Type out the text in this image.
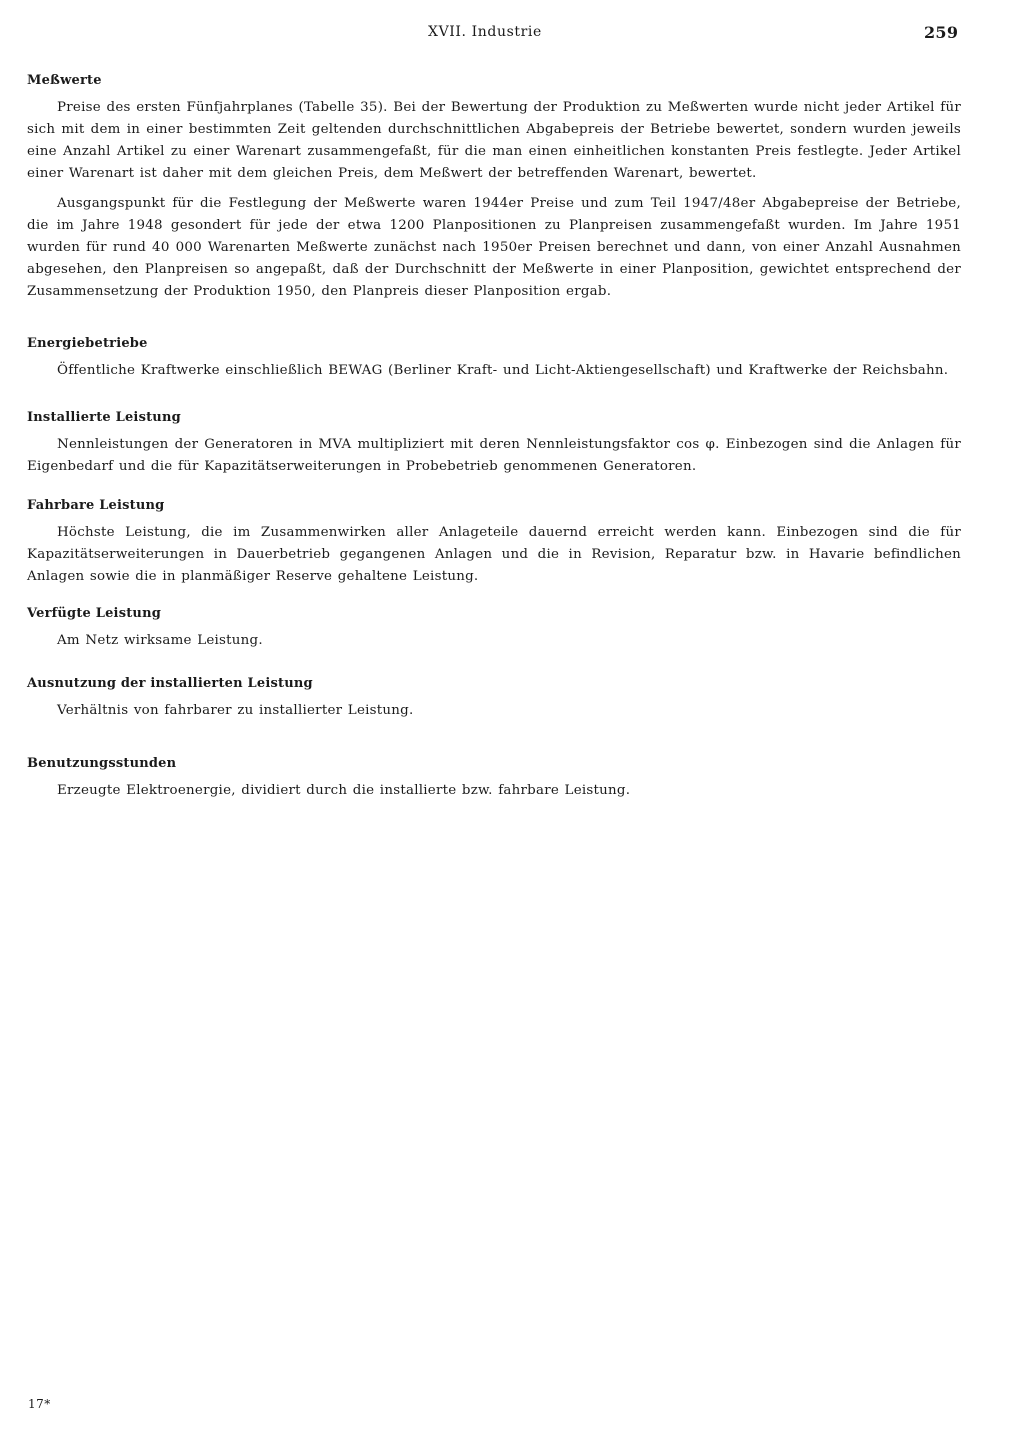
XVII. Industrie	259
Meßwerte

Preise des ersten Fünfjahrplanes (Tabelle 35). Bei der Bewertung der Produktion zu Meßwerten wurde nicht jeder Artikel für sich mit dem in einer bestimmten Zeit geltenden durchschnittlichen Abgabepreis der Betriebe bewertet, sondern wurden jeweils eine Anzahl Artikel zu einer Warenart zusammengefaßt, für die man einen einheitlichen konstanten Preis festlegte. Jeder Artikel einer Warenart ist daher mit dem gleichen Preis, dem Meßwert der betreffenden Warenart, bewertet.

Ausgangspunkt für die Festlegung der Meßwerte waren 1944er Preise und zum Teil 1947/48er Abgabepreise der Betriebe, die im Jahre 1948 gesondert für jede der etwa 1200 Planpositionen zu Planpreisen zusammengefaßt wurden. Im Jahre 1951 wurden für rund 40 000 Warenarten Meßwerte zunächst nach 1950er Preisen berechnet und dann, von einer Anzahl Ausnahmen abgesehen, den Planpreisen so angepaßt, daß der Durchschnitt der Meßwerte in einer Planposition, gewichtet entsprechend der Zusammensetzung der Produktion 1950, den Planpreis dieser Planposition ergab.

Energiebetriebe

Öffentliche Kraftwerke einschließlich BEWAG (Berliner Kraft- und Licht-Aktiengesellschaft) und Kraftwerke der Reichsbahn.

Installierte Leistung

Nennleistungen der Generatoren in MVA multipliziert mit deren Nennleistungsfaktor cos φ. Einbezogen sind die Anlagen für Eigenbedarf und die für Kapazitätserweiterungen in Probebetrieb genommenen Generatoren.

Fahrbare Leistung

Höchste Leistung, die im Zusammenwirken aller Anlageteile dauernd erreicht werden kann. Einbezogen sind die für Kapazitätserweiterungen in Dauerbetrieb gegangenen Anlagen und die in Revision, Reparatur bzw. in Havarie befindlichen Anlagen sowie die in planmäßiger Reserve gehaltene Leistung.

Verfügte Leistung

Am Netz wirksame Leistung.

Ausnutzung der installierten Leistung

Verhältnis von fahrbarer zu installierter Leistung.

Benutzungsstunden

Erzeugte Elektroenergie, dividiert durch die installierte bzw. fahrbare Leistung.

17*
